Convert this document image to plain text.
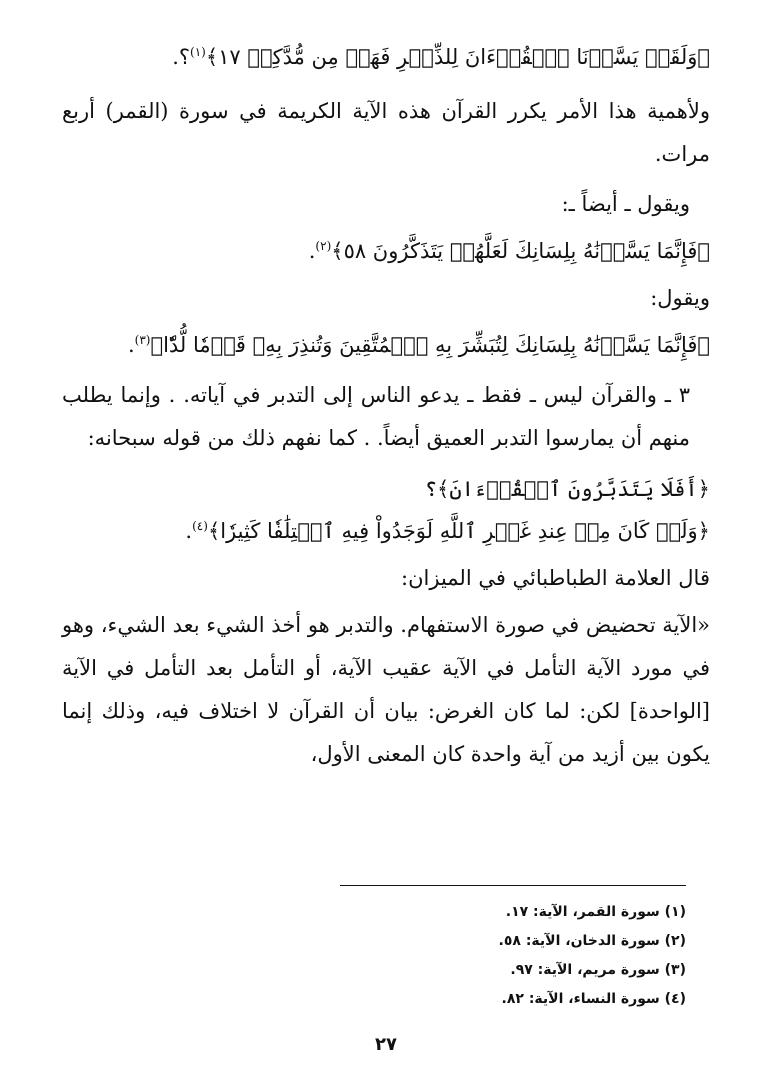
﴿وَلَقَدۡ يَسَّرۡنَا ٱلۡقُرۡءَانَ لِلذِّكۡرِ فَهَلۡ مِن مُّدَّكِرٖ ١٧﴾$^{(١)}$؟.
ولأهمية هذا الأمر يكرر القرآن هذه الآية الكريمة في سورة (القمر) أربع مرات.
ويقول ـ أيضاً ـ:
﴿فَإِنَّمَا يَسَّرۡنَٰهُ بِلِسَانِكَ لَعَلَّهُمۡ يَتَذَكَّرُونَ ٥٨﴾$^{(٢)}$.
ويقول:
﴿فَإِنَّمَا يَسَّرۡنَٰهُ بِلِسَانِكَ لِتُبَشِّرَ بِهِ ٱلۡمُتَّقِينَ وَتُنذِرَ بِهِۦ قَوۡمٗا لُّدّٗا﴾$^{(٣)}$.
٣ ـ والقرآن ليس ـ فقط ـ يدعو الناس إلى التدبر في آياته. . وإنما يطلب منهم أن يمارسوا التدبر العميق أيضاً. . كما نفهم ذلك من قوله سبحانه:
﴿أَفَلَا يَتَدَبَّرُونَ ٱلۡقُرۡءَانَ﴾؟
﴿وَلَوۡ كَانَ مِنۡ عِندِ غَيۡرِ ٱللَّهِ لَوَجَدُواْ فِيهِ ٱخۡتِلَٰفٗا كَثِيرٗا﴾$^{(٤)}$.
قال العلامة الطباطبائي في الميزان:
«الآية تحضيض في صورة الاستفهام. والتدبر هو أخذ الشيء بعد الشيء، وهو في مورد الآية التأمل في الآية عقيب الآية، أو التأمل بعد التأمل في الآية [الواحدة] لكن: لما كان الغرض: بيان أن القرآن لا اختلاف فيه، وذلك إنما يكون بين أزيد من آية واحدة كان المعنى الأول،
(١) سورة القمر، الآية: ١٧.
(٢) سورة الدخان، الآية: ٥٨.
(٣) سورة مريم، الآية: ٩٧.
(٤) سورة النساء، الآية: ٨٢.
٢٧
